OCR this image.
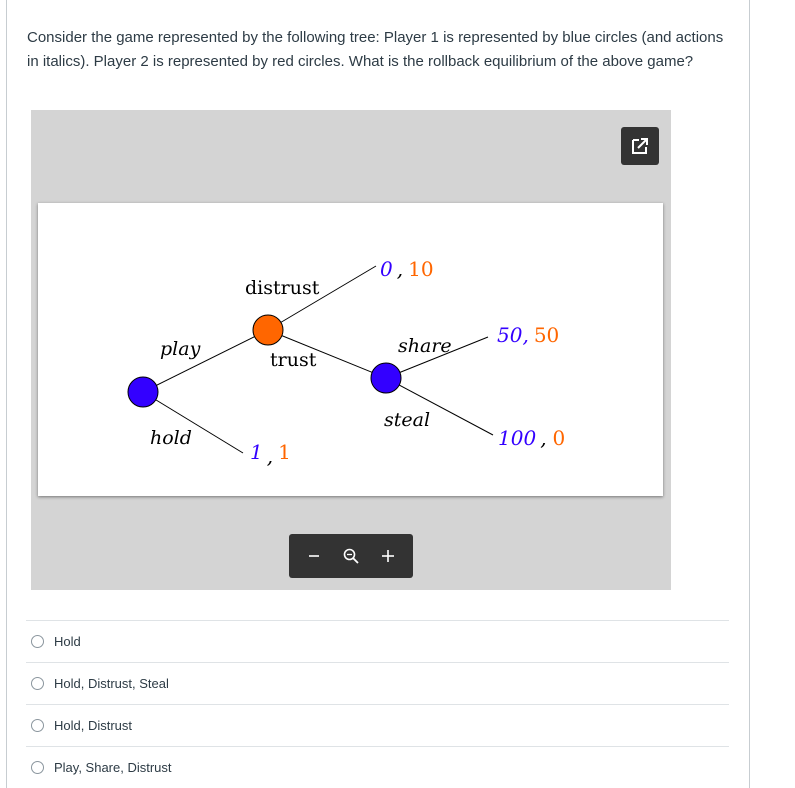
Consider the game represented by the following tree: Player 1 is represented by blue circles (and actions in italics). Player 2 is represented by red circles. What is the rollback equilibrium of the above game?

play
hold
distrust
trust
share
steal
0 , 10
50, 50
100 , 0
1 , 1
Hold
Hold, Distrust, Steal
Hold, Distrust
Play, Share, Distrust
